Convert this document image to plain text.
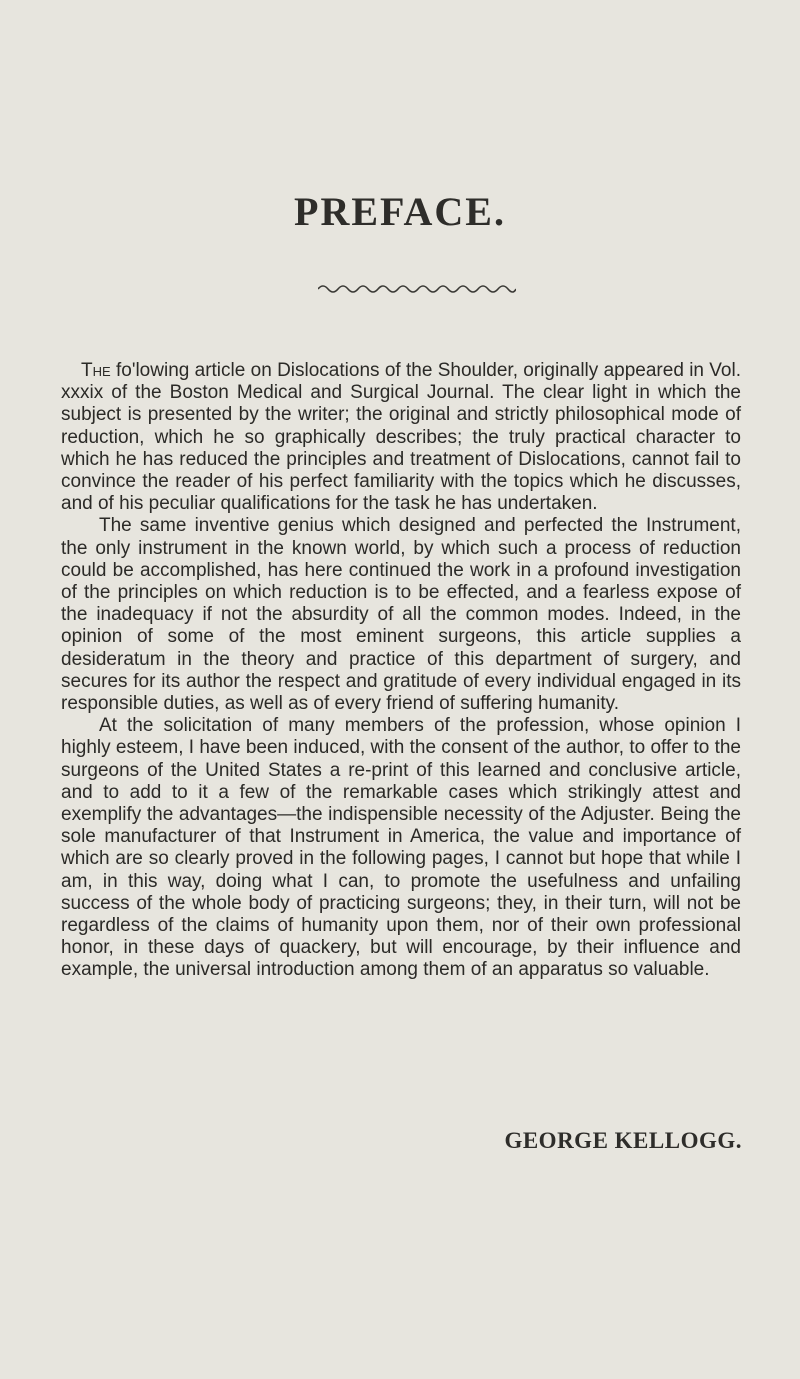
PREFACE.

The fo'lowing article on Dislocations of the Shoulder, originally appeared in Vol. xxxix of the Boston Medical and Surgical Journal. The clear light in which the subject is presented by the writer; the original and strictly philosophical mode of reduction, which he so graphically describes; the truly practical character to which he has reduced the principles and treatment of Dislocations, cannot fail to convince the reader of his perfect familiarity with the topics which he discusses, and of his peculiar qualifications for the task he has undertaken.

The same inventive genius which designed and perfected the Instrument, the only instrument in the known world, by which such a process of reduction could be accomplished, has here continued the work in a profound investigation of the principles on which reduction is to be effected, and a fearless expose of the inadequacy if not the absurdity of all the common modes. Indeed, in the opinion of some of the most eminent surgeons, this article supplies a desideratum in the theory and practice of this department of surgery, and secures for its author the respect and gratitude of every individual engaged in its responsible duties, as well as of every friend of suffering humanity.

At the solicitation of many members of the profession, whose opinion I highly esteem, I have been induced, with the consent of the author, to offer to the surgeons of the United States a re-print of this learned and conclusive article, and to add to it a few of the remarkable cases which strikingly attest and exemplify the advantages—the indispensible necessity of the Adjuster. Being the sole manufacturer of that Instrument in America, the value and importance of which are so clearly proved in the following pages, I cannot but hope that while I am, in this way, doing what I can, to promote the usefulness and unfailing success of the whole body of practicing surgeons; they, in their turn, will not be regardless of the claims of humanity upon them, nor of their own professional honor, in these days of quackery, but will encourage, by their influence and example, the universal introduction among them of an apparatus so valuable.

GEORGE KELLOGG.
